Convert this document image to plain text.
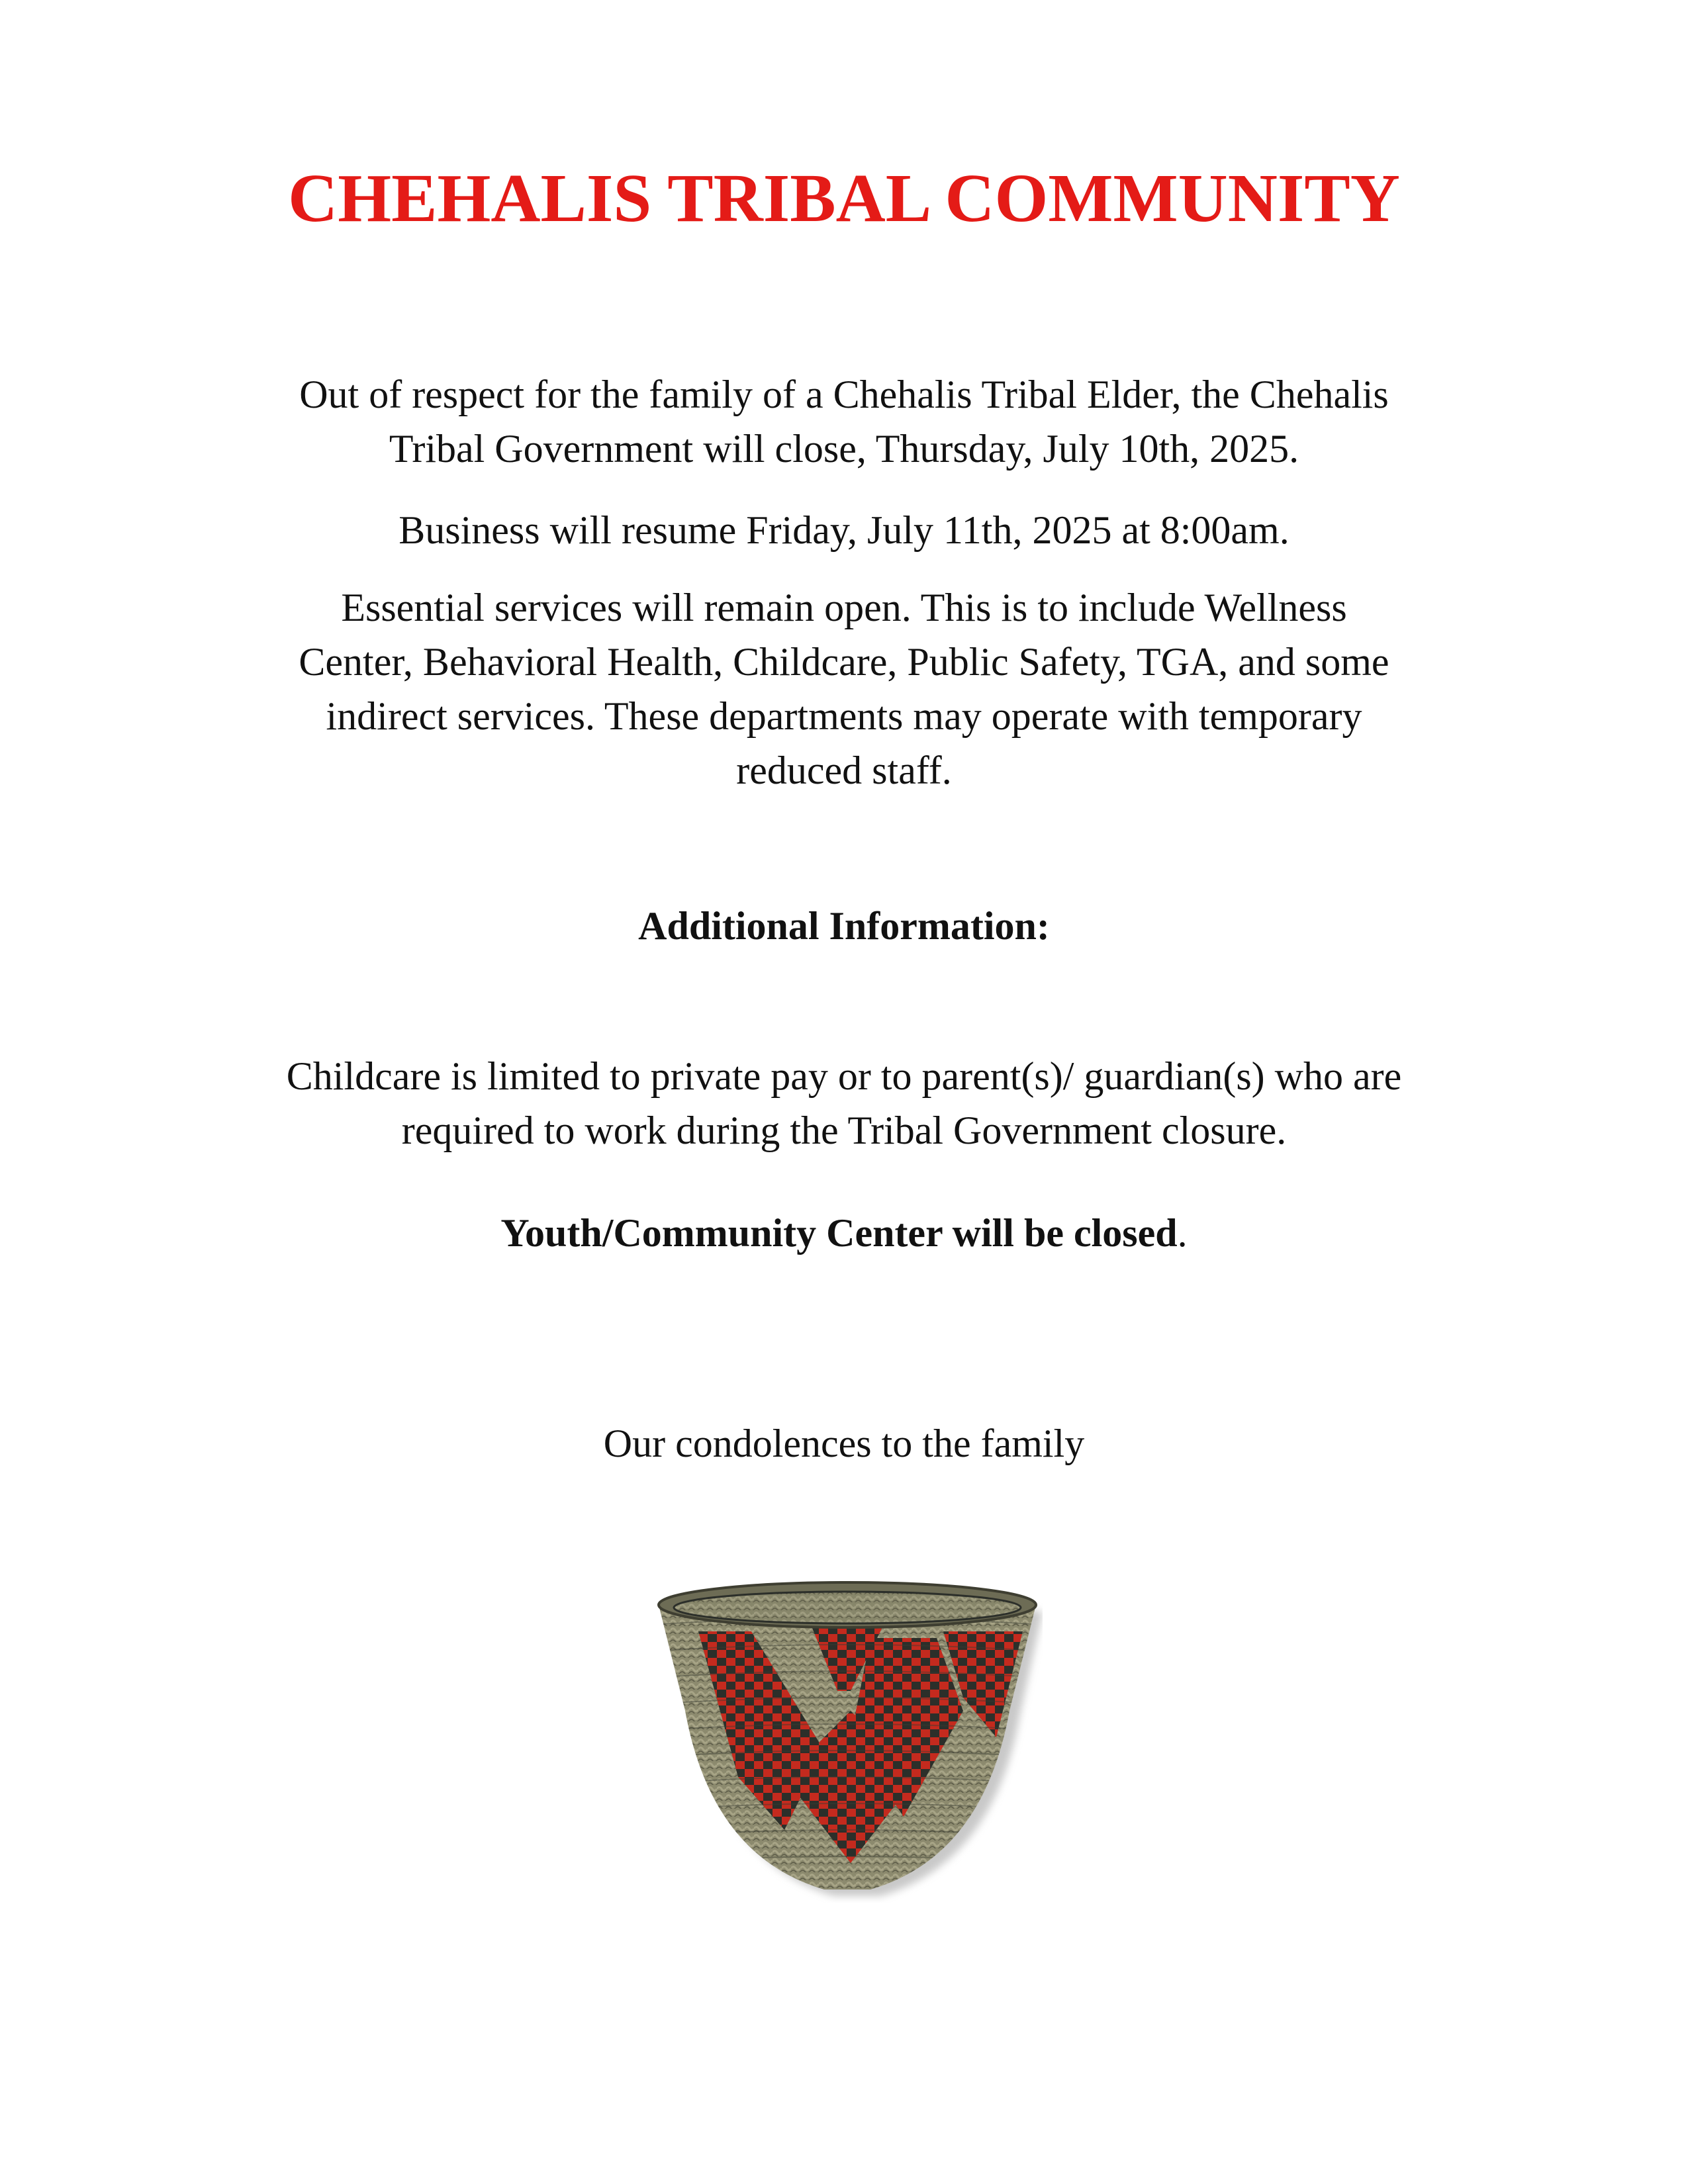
CHEHALIS TRIBAL COMMUNITY

Out of respect for the family of a Chehalis Tribal Elder, the Chehalis
Tribal Government will close, Thursday, July 10th, 2025.

Business will resume Friday, July 11th, 2025 at 8:00am.

Essential services will remain open. This is to include Wellness
Center, Behavioral Health, Childcare, Public Safety, TGA, and some
indirect services. These departments may operate with temporary
reduced staff.

Additional Information:

Childcare is limited to private pay or to parent(s)/ guardian(s) who are
required to work during the Tribal Government closure.

Youth/Community Center will be closed.

Our condolences to the family
